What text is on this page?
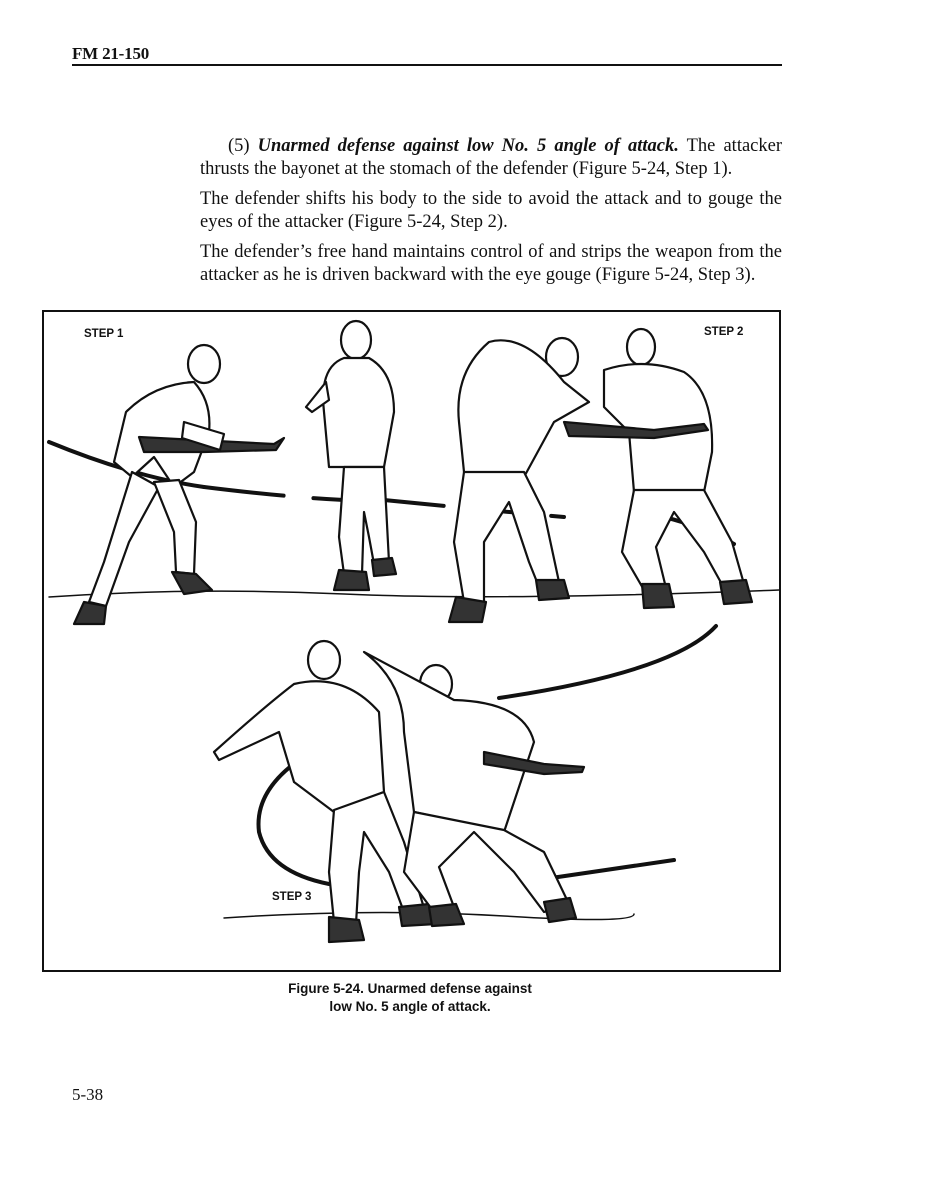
FM 21-150

(5) Unarmed defense against low No. 5 angle of attack. The attacker thrusts the bayonet at the stomach of the defender (Figure 5-24, Step 1).

The defender shifts his body to the side to avoid the attack and to gouge the eyes of the attacker (Figure 5-24, Step 2).

The defender’s free hand maintains control of and strips the weapon from the attacker as he is driven backward with the eye gouge (Figure 5-24, Step 3).

STEP 1	STEP 2
STEP 3
Figure 5-24. Unarmed defense against
low No. 5 angle of attack.
5-38
